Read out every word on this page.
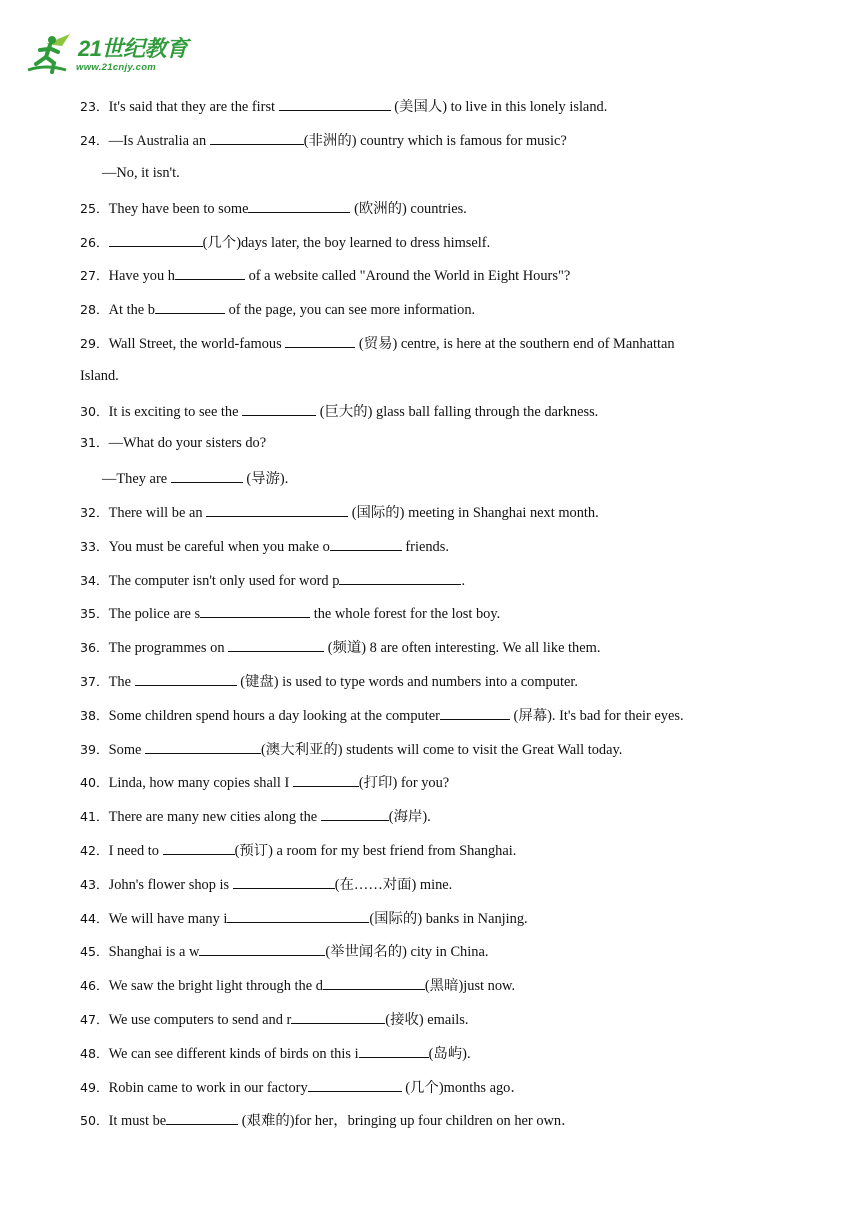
21世纪教育
www.21cnjy.com
23．It's said that they are the first	(美国人) to live in this lonely island.
24．—Is Australia an	(非洲的) country which is famous for music?
—No, it isn't.
25．They have been to some	(欧洲的) countries.
26．	(几个)days later, the boy learned to dress himself.
27．Have you h	of a website called "Around the World in Eight Hours"?
28．At the b	of the page, you can see more information.
29．Wall Street, the world-famous	(贸易) centre, is here at the southern end of Manhattan
Island.
30．It is exciting to see the	(巨大的) glass ball falling through the darkness.
31．—What do your sisters do?
—They are	(导游).
32．There will be an	(国际的) meeting in Shanghai next month.
33．You must be careful when you make o	friends.
34．The computer isn't only used for word p	.
35．The police are s	the whole forest for the lost boy.
36．The programmes on	(频道) 8 are often interesting. We all like them.
37．The	(键盘) is used to type words and numbers into a computer.
38．Some children spend hours a day looking at the computer	(屏幕). It's bad for their eyes.
39．Some	(澳大利亚的) students will come to visit the Great Wall today.
40．Linda, how many copies shall I	(打印) for you?
41．There are many new cities along the	(海岸).
42．I need to	(预订) a room for my best friend from Shanghai.
43．John's flower shop is	(在……对面) mine.
44．We will have many i	(国际的) banks in Nanjing.
45．Shanghai is a w	(举世闻名的) city in China.
46．We saw the bright light through the d	(黑暗)just now.
47．We use computers to send and r	(接收) emails.
48．We can see different kinds of birds on this i	(岛屿).
49．Robin came to work in our factory	(几个)months ago．
50．It must be	(艰难的)for her，bringing up four children on her own．
